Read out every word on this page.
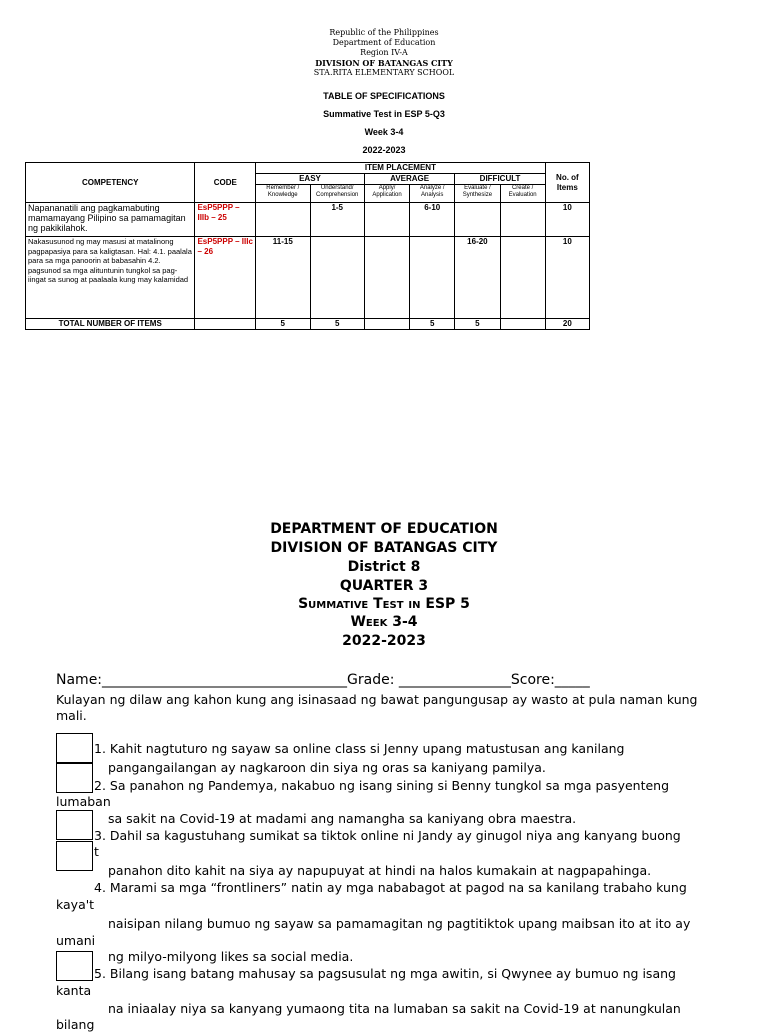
Republic of the Philippines
Department of Education
Region IV-A
DIVISION OF BATANGAS CITY
STA.RITA ELEMENTARY SCHOOL
TABLE OF SPECIFICATIONS
Summative Test in ESP 5-Q3
Week 3-4
2022-2023
COMPETENCY	CODE	ITEM PLACEMENT						No. of Items
		EASY		AVERAGE		DIFFICULT		
		Remember / Knowledge	Understand/ Comprehension	Apply/ Application	Analyze / Analysis	Evaluate / Synthesize	Create / Evaluation	
Napananatili ang pagkamabuting mamamayang Pilipino sa pamamagitan ng pakikilahok.	EsP5PPP – IIIb – 25		1-5		6-10			10
Nakasusunod ng may masusi at matalinong pagpapasiya para sa kaligtasan. Hal: 4.1. paalala para sa mga panoorin at babasahin 4.2. pagsunod sa mga alituntunin tungkol sa pag-iingat sa sunog at paalaala kung may kalamidad	EsP5PPP – IIIc – 26	11-15				16-20		10
TOTAL NUMBER OF ITEMS		5	5		5	5		20
DEPARTMENT OF EDUCATION
DIVISION OF BATANGAS CITY
District 8
QUARTER 3
Summative Test in ESP 5
Week 3-4
2022-2023
Name:___________________________________Grade: ________________Score:_____
Kulayan ng dilaw ang kahon kung ang isinasaad ng bawat pangungusap ay wasto at pula naman kung
mali.
1. Kahit nagtuturo ng sayaw sa online class si Jenny upang matustusan ang kanilang
pangangailangan ay nagkaroon din siya ng oras sa kaniyang pamilya.
2. Sa panahon ng Pandemya, nakabuo ng isang sining si Benny tungkol sa mga pasyenteng
lumaban
sa sakit na Covid-19 at madami ang namangha sa kaniyang obra maestra.
3. Dahil sa kagustuhang sumikat sa tiktok online ni Jandy ay ginugol niya ang kanyang buong
t
panahon dito kahit na siya ay napupuyat at hindi na halos kumakain at nagpapahinga.
4. Marami sa mga “frontliners” natin ay mga nababagot at pagod na sa kanilang trabaho kung
kaya't
naisipan nilang bumuo ng sayaw sa pamamagitan ng pagtitiktok upang maibsan ito at ito ay
umani
ng milyo-milyong likes sa social media.
5. Bilang isang batang mahusay sa pagsusulat ng mga awitin, si Qwynee ay bumuo ng isang
kanta
na iniaalay niya sa kanyang yumaong tita na lumaban sa sakit na Covid-19 at nanungkulan
bilang
